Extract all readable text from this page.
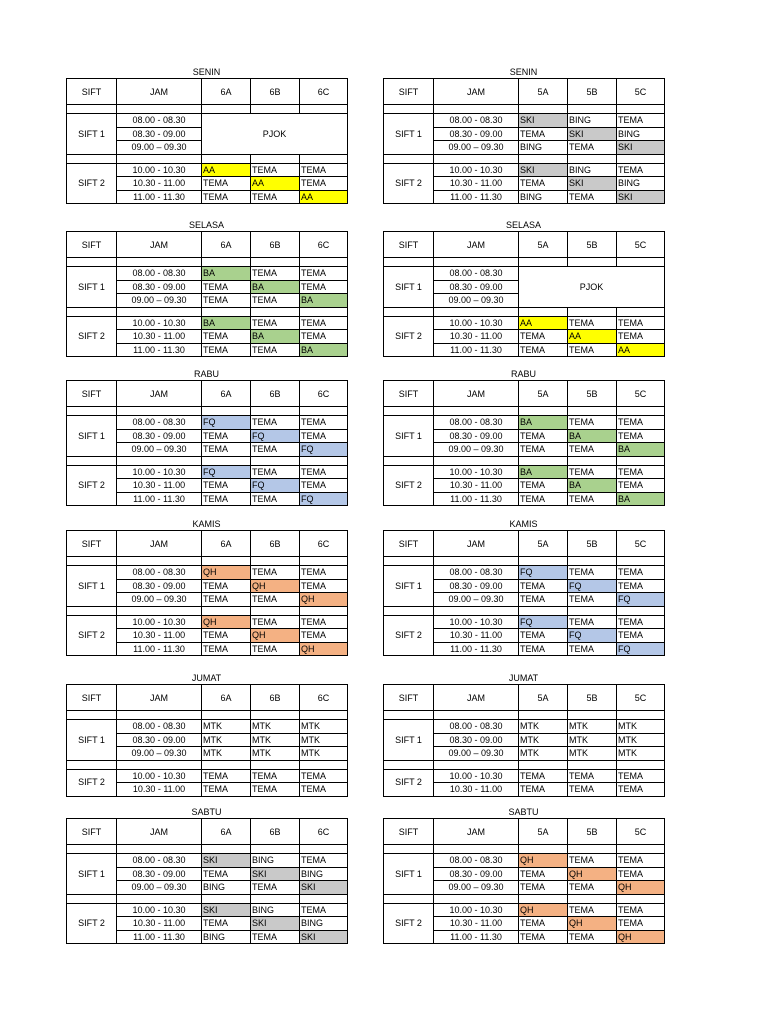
SENIN
SIFT	JAM	6A	6B	6C

SIFT 1	08.00 - 08.30	PJOK		
	08.30 - 09.00			
	09.00 – 09.30			

SIFT 2	10.00 - 10.30	AA	TEMA	TEMA
	10.30 - 11.00	TEMA	AA	TEMA
	11.00 - 11.30	TEMA	TEMA	AA
SENIN
SIFT	JAM	5A	5B	5C

SIFT 1	08.00 - 08.30	SKI	BING	TEMA
	08.30 - 09.00	TEMA	SKI	BING
	09.00 – 09.30	BING	TEMA	SKI

SIFT 2	10.00 - 10.30	SKI	BING	TEMA
	10.30 - 11.00	TEMA	SKI	BING
	11.00 - 11.30	BING	TEMA	SKI
SELASA
SIFT	JAM	6A	6B	6C

SIFT 1	08.00 - 08.30	BA	TEMA	TEMA
	08.30 - 09.00	TEMA	BA	TEMA
	09.00 – 09.30	TEMA	TEMA	BA

SIFT 2	10.00 - 10.30	BA	TEMA	TEMA
	10.30 - 11.00	TEMA	BA	TEMA
	11.00 - 11.30	TEMA	TEMA	BA
SELASA
SIFT	JAM	5A	5B	5C

SIFT 1	08.00 - 08.30	PJOK		
	08.30 - 09.00			
	09.00 – 09.30			

SIFT 2	10.00 - 10.30	AA	TEMA	TEMA
	10.30 - 11.00	TEMA	AA	TEMA
	11.00 - 11.30	TEMA	TEMA	AA
RABU
SIFT	JAM	6A	6B	6C

SIFT 1	08.00 - 08.30	FQ	TEMA	TEMA
	08.30 - 09.00	TEMA	FQ	TEMA
	09.00 – 09.30	TEMA	TEMA	FQ

SIFT 2	10.00 - 10.30	FQ	TEMA	TEMA
	10.30 - 11.00	TEMA	FQ	TEMA
	11.00 - 11.30	TEMA	TEMA	FQ
RABU
SIFT	JAM	5A	5B	5C

SIFT 1	08.00 - 08.30	BA	TEMA	TEMA
	08.30 - 09.00	TEMA	BA	TEMA
	09.00 – 09.30	TEMA	TEMA	BA

SIFT 2	10.00 - 10.30	BA	TEMA	TEMA
	10.30 - 11.00	TEMA	BA	TEMA
	11.00 - 11.30	TEMA	TEMA	BA
KAMIS
SIFT	JAM	6A	6B	6C

SIFT 1	08.00 - 08.30	QH	TEMA	TEMA
	08.30 - 09.00	TEMA	QH	TEMA
	09.00 – 09.30	TEMA	TEMA	QH

SIFT 2	10.00 - 10.30	QH	TEMA	TEMA
	10.30 - 11.00	TEMA	QH	TEMA
	11.00 - 11.30	TEMA	TEMA	QH
KAMIS
SIFT	JAM	5A	5B	5C

SIFT 1	08.00 - 08.30	FQ	TEMA	TEMA
	08.30 - 09.00	TEMA	FQ	TEMA
	09.00 – 09.30	TEMA	TEMA	FQ

SIFT 2	10.00 - 10.30	FQ	TEMA	TEMA
	10.30 - 11.00	TEMA	FQ	TEMA
	11.00 - 11.30	TEMA	TEMA	FQ
JUMAT
SIFT	JAM	6A	6B	6C

SIFT 1	08.00 - 08.30	MTK	MTK	MTK
	08.30 - 09.00	MTK	MTK	MTK
	09.00 – 09.30	MTK	MTK	MTK

SIFT 2	10.00 - 10.30	TEMA	TEMA	TEMA
	10.30 - 11.00	TEMA	TEMA	TEMA
JUMAT
SIFT	JAM	5A	5B	5C

SIFT 1	08.00 - 08.30	MTK	MTK	MTK
	08.30 - 09.00	MTK	MTK	MTK
	09.00 – 09.30	MTK	MTK	MTK

SIFT 2	10.00 - 10.30	TEMA	TEMA	TEMA
	10.30 - 11.00	TEMA	TEMA	TEMA
SABTU
SIFT	JAM	6A	6B	6C

SIFT 1	08.00 - 08.30	SKI	BING	TEMA
	08.30 - 09.00	TEMA	SKI	BING
	09.00 – 09.30	BING	TEMA	SKI

SIFT 2	10.00 - 10.30	SKI	BING	TEMA
	10.30 - 11.00	TEMA	SKI	BING
	11.00 - 11.30	BING	TEMA	SKI
SABTU
SIFT	JAM	5A	5B	5C

SIFT 1	08.00 - 08.30	QH	TEMA	TEMA
	08.30 - 09.00	TEMA	QH	TEMA
	09.00 – 09.30	TEMA	TEMA	QH

SIFT 2	10.00 - 10.30	QH	TEMA	TEMA
	10.30 - 11.00	TEMA	QH	TEMA
	11.00 - 11.30	TEMA	TEMA	QH
